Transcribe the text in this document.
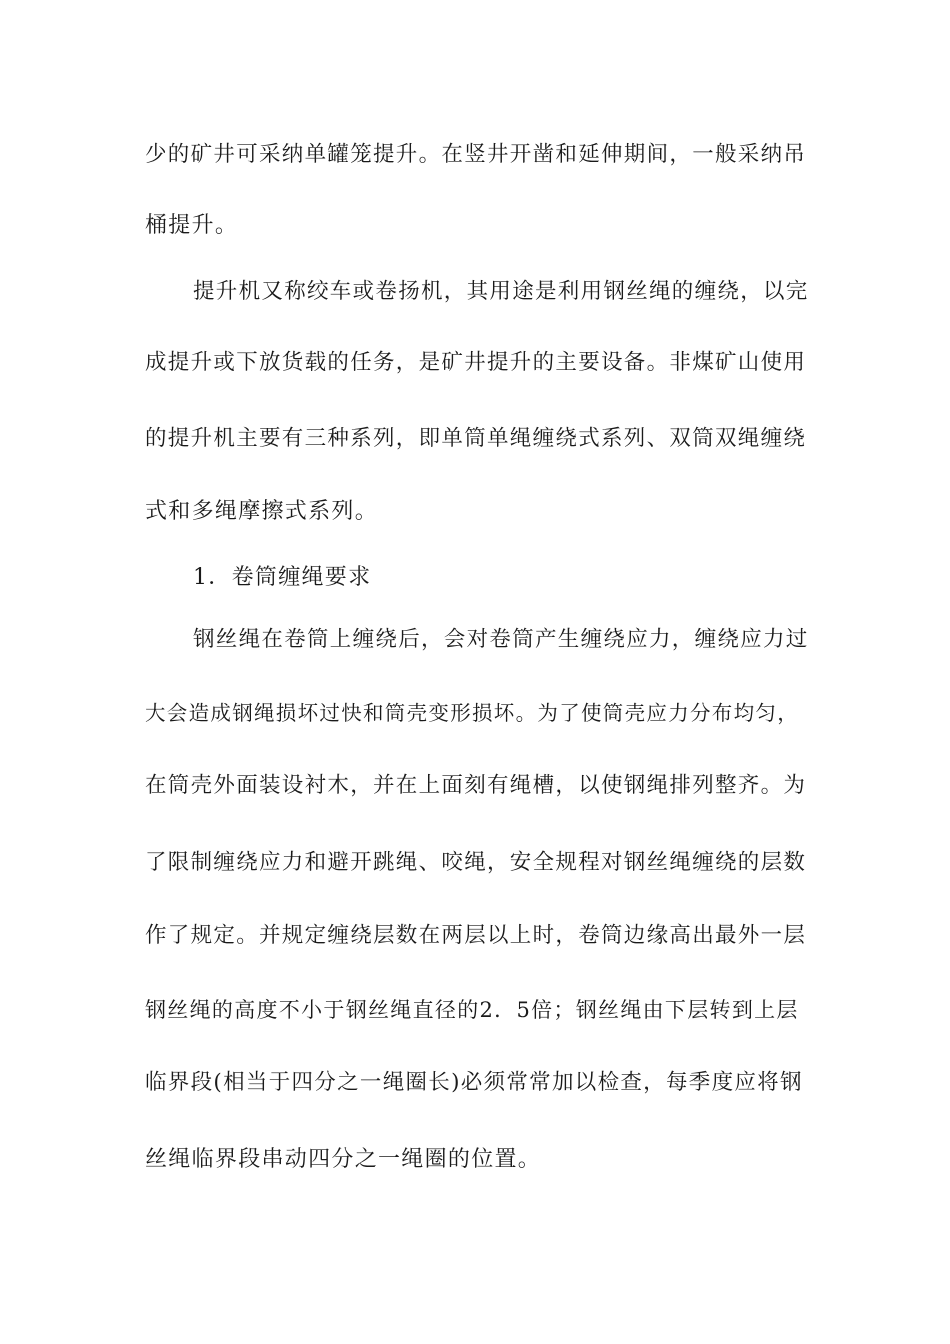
少的矿井可采纳单罐笼提升。在竖井开凿和延伸期间，一般采纳吊
桶提升。
提升机又称绞车或卷扬机，其用途是利用钢丝绳的缠绕，以完
成提升或下放货载的任务，是矿井提升的主要设备。非煤矿山使用
的提升机主要有三种系列，即单筒单绳缠绕式系列、双筒双绳缠绕
式和多绳摩擦式系列。
1．卷筒缠绳要求
钢丝绳在卷筒上缠绕后，会对卷筒产生缠绕应力，缠绕应力过
大会造成钢绳损坏过快和筒壳变形损坏。为了使筒壳应力分布均匀，
在筒壳外面装设衬木，并在上面刻有绳槽，以使钢绳排列整齐。为
了限制缠绕应力和避开跳绳、咬绳，安全规程对钢丝绳缠绕的层数
作了规定。并规定缠绕层数在两层以上时，卷筒边缘高出最外一层
钢丝绳的高度不小于钢丝绳直径的2．5倍；钢丝绳由下层转到上层
临界段(相当于四分之一绳圈长)必须常常加以检查，每季度应将钢
丝绳临界段串动四分之一绳圈的位置。
